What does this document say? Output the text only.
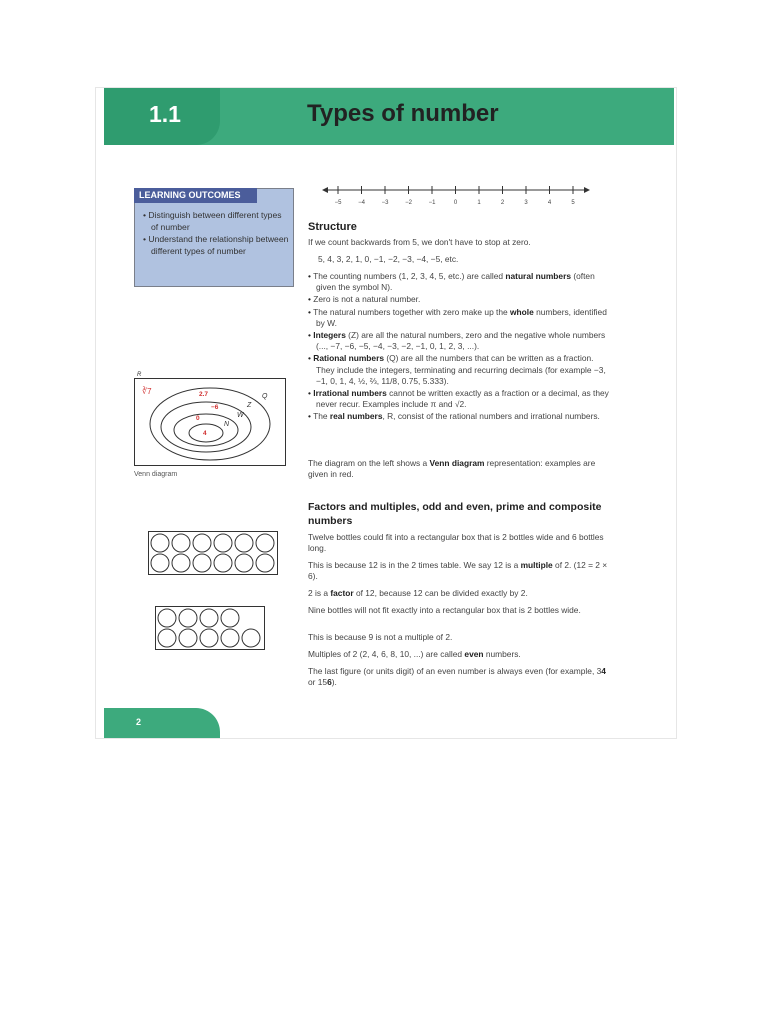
1.1	Types of number
LEARNING OUTCOMES
• Distinguish between different types of number
• Understand the relationship between different types of number
−5	−4	−3	−2	−1	0	1	2	3	4	5
Structure
If we count backwards from 5, we don't have to stop at zero.
5, 4, 3, 2, 1, 0, −1, −2, −3, −4, −5, etc.
• The counting numbers (1, 2, 3, 4, 5, etc.) are called natural numbers (often given the symbol N).
• Zero is not a natural number.
• The natural numbers together with zero make up the whole numbers, identified by W.
• Integers (Z) are all the natural numbers, zero and the negative whole numbers (..., −7, −6, −5, −4, −3, −2, −1, 0, 1, 2, 3, ...).
• Rational numbers (Q) are all the numbers that can be written as a fraction. They include the integers, terminating and recurring decimals (for example −3, −1, 0, 1, 4, ½, ⅔, 11/8, 0.75, 5.333).
• Irrational numbers cannot be written exactly as a fraction or a decimal, as they never recur. Examples include π and √2.
• The real numbers, R, consist of the rational numbers and irrational numbers.
The diagram on the left shows a Venn diagram representation: examples are given in red.
R
Q
Z
W
N
∛7	2.7
−6
0
4
Venn diagram
Factors and multiples, odd and even, prime and composite numbers
Twelve bottles could fit into a rectangular box that is 2 bottles wide and 6 bottles long.
This is because 12 is in the 2 times table. We say 12 is a multiple of 2. (12 = 2 × 6).
2 is a factor of 12, because 12 can be divided exactly by 2.
Nine bottles will not fit exactly into a rectangular box that is 2 bottles wide.
This is because 9 is not a multiple of 2.
Multiples of 2 (2, 4, 6, 8, 10, ...) are called even numbers.
The last figure (or units digit) of an even number is always even (for example, 34 or 156).
2
